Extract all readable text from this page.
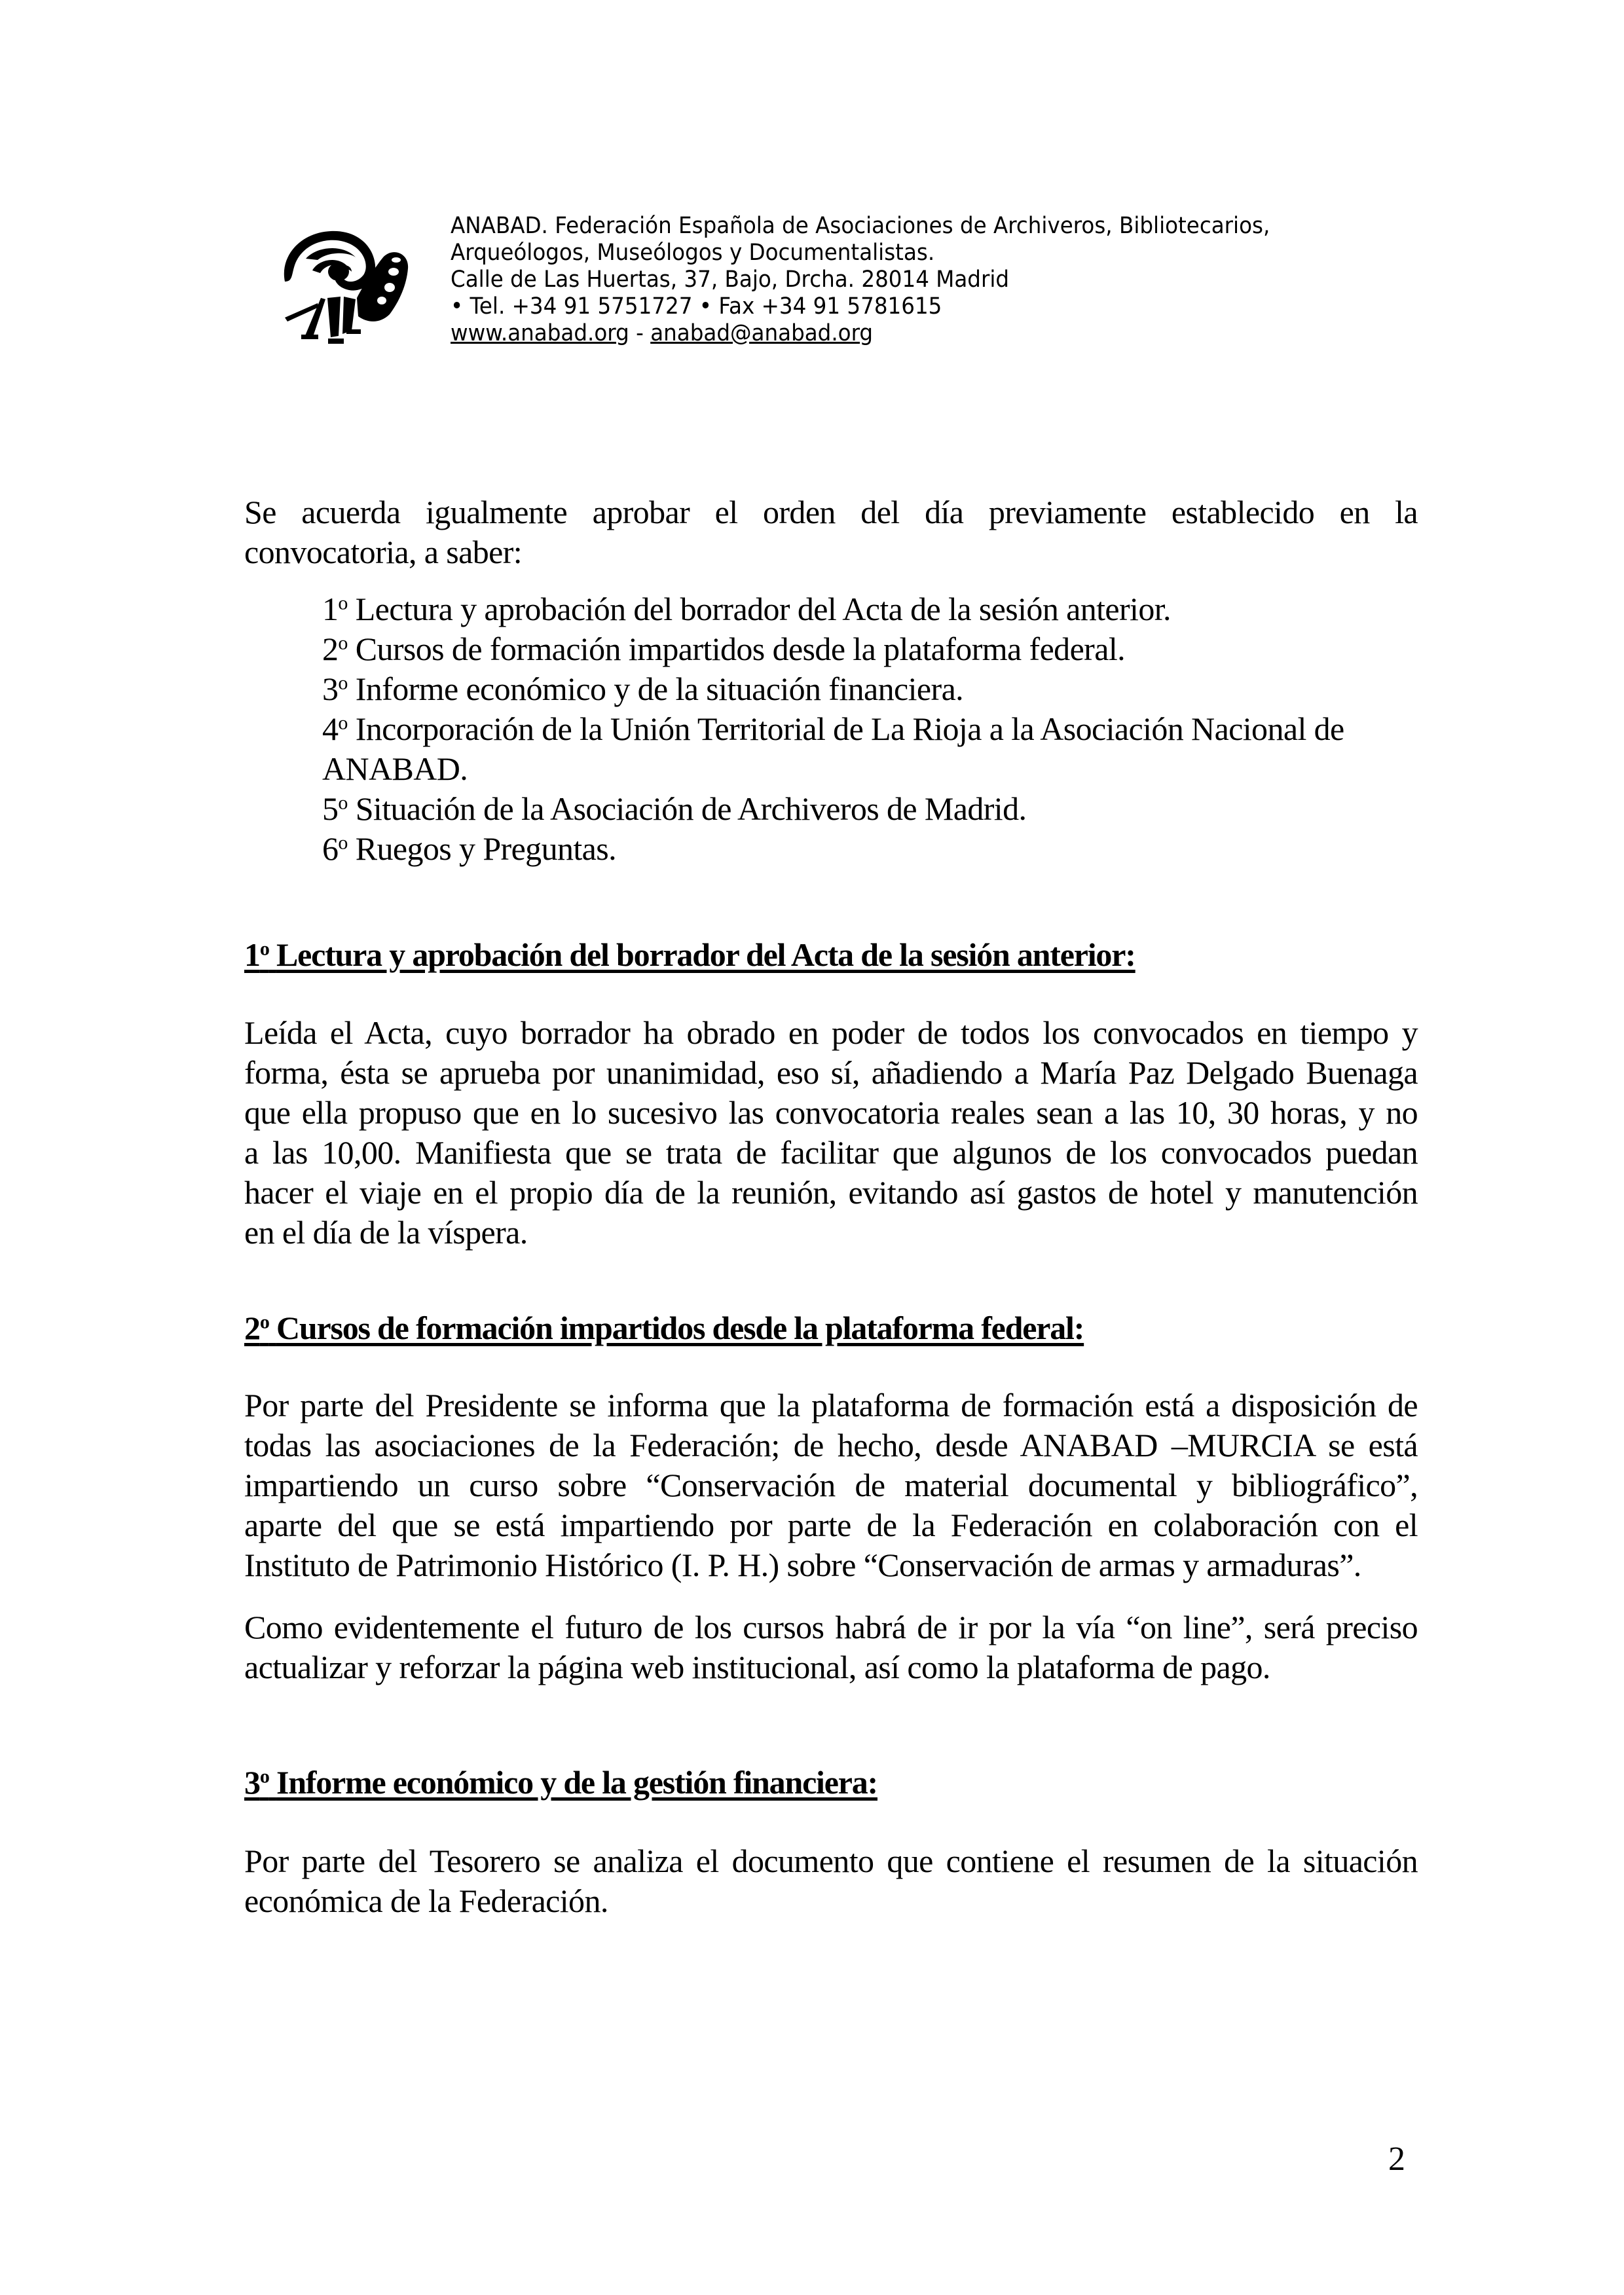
ANABAD. Federación Española de Asociaciones de Archiveros, Bibliotecarios,
Arqueólogos, Museólogos y Documentalistas.
Calle de Las Huertas, 37, Bajo, Drcha. 28014 Madrid
• Tel. +34 91 5751727 • Fax +34 91 5781615
www.anabad.org - anabad@anabad.org
Se acuerda igualmente aprobar el orden del día previamente establecido en la
convocatoria, a saber:
1$^o$ Lectura y aprobación del borrador del Acta de la sesión anterior.
2$^o$ Cursos de formación impartidos desde la plataforma federal.
3$^o$ Informe económico y de la situación financiera.
4$^o$ Incorporación de la Unión Territorial de La Rioja a la Asociación Nacional de
ANABAD.
5$^o$ Situación de la Asociación de Archiveros de Madrid.
6$^o$ Ruegos y Preguntas.
1$^o$ Lectura y aprobación del borrador del Acta de la sesión anterior:
Leída el Acta, cuyo borrador ha obrado en poder de todos los convocados en tiempo y
forma, ésta se aprueba por unanimidad, eso sí, añadiendo a María Paz Delgado Buenaga
que ella propuso que en lo sucesivo las convocatoria reales sean a las 10, 30 horas, y no
a las 10,00. Manifiesta que se trata de facilitar que algunos de los convocados puedan
hacer el viaje en el propio día de la reunión, evitando así gastos de hotel y manutención
en el día de la víspera.
2$^o$ Cursos de formación impartidos desde la plataforma federal:
Por parte del Presidente se informa que la plataforma de formación está a disposición de
todas las asociaciones de la Federación; de hecho, desde ANABAD –MURCIA se está
impartiendo un curso sobre “Conservación de material documental y bibliográfico”,
aparte del que se está impartiendo por parte de la Federación en colaboración con el
Instituto de Patrimonio Histórico (I. P. H.) sobre “Conservación de armas y armaduras”.
Como evidentemente el futuro de los cursos habrá de ir por la vía “on line”, será preciso
actualizar y reforzar la página web institucional, así como la plataforma de pago.
3$^o$ Informe económico y de la gestión financiera:
Por parte del Tesorero se analiza el documento que contiene el resumen de la situación
económica de la Federación.
2
